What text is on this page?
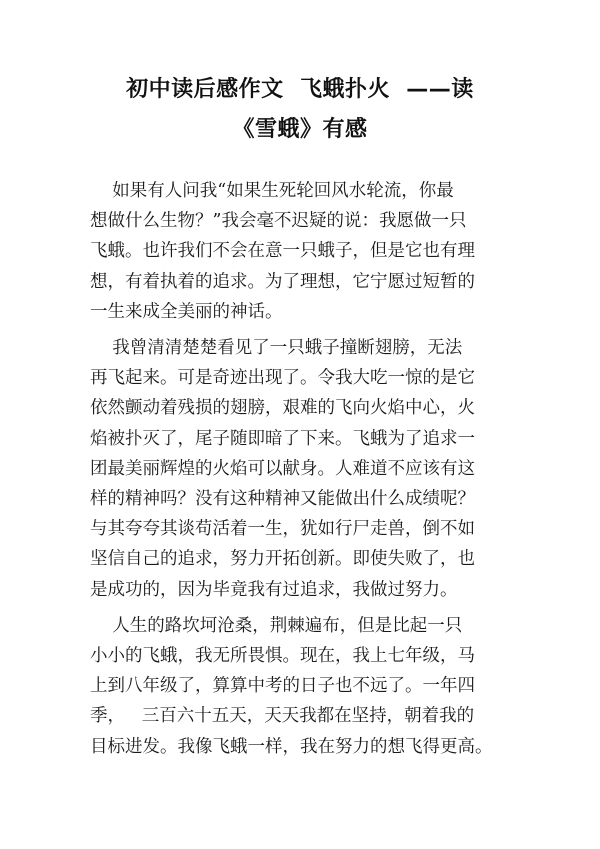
初中读后感作文  飞蛾扑火  ——读
《雪蛾》有感
如果有人问我“如果生死轮回风水轮流，你最
想做什么生物？”我会毫不迟疑的说：我愿做一只
飞蛾。也许我们不会在意一只蛾子，但是它也有理
想，有着执着的追求。为了理想，它宁愿过短暂的
一生来成全美丽的神话。
我曾清清楚楚看见了一只蛾子撞断翅膀，无法
再飞起来。可是奇迹出现了。令我大吃一惊的是它
依然颤动着残损的翅膀，艰难的飞向火焰中心，火
焰被扑灭了，尾子随即暗了下来。飞蛾为了追求一
团最美丽辉煌的火焰可以献身。人难道不应该有这
样的精神吗？没有这种精神又能做出什么成绩呢？
与其夸夸其谈苟活着一生，犹如行尸走兽，倒不如
坚信自己的追求，努力开拓创新。即使失败了，也
是成功的，因为毕竟我有过追求，我做过努力。
人生的路坎坷沧桑，荆棘遍布，但是比起一只
小小的飞蛾，我无所畏惧。现在，我上七年级，马
上到八年级了，算算中考的日子也不远了。一年四
季，   三百六十五天，天天我都在坚持，朝着我的
目标进发。我像飞蛾一样，我在努力的想飞得更高。
